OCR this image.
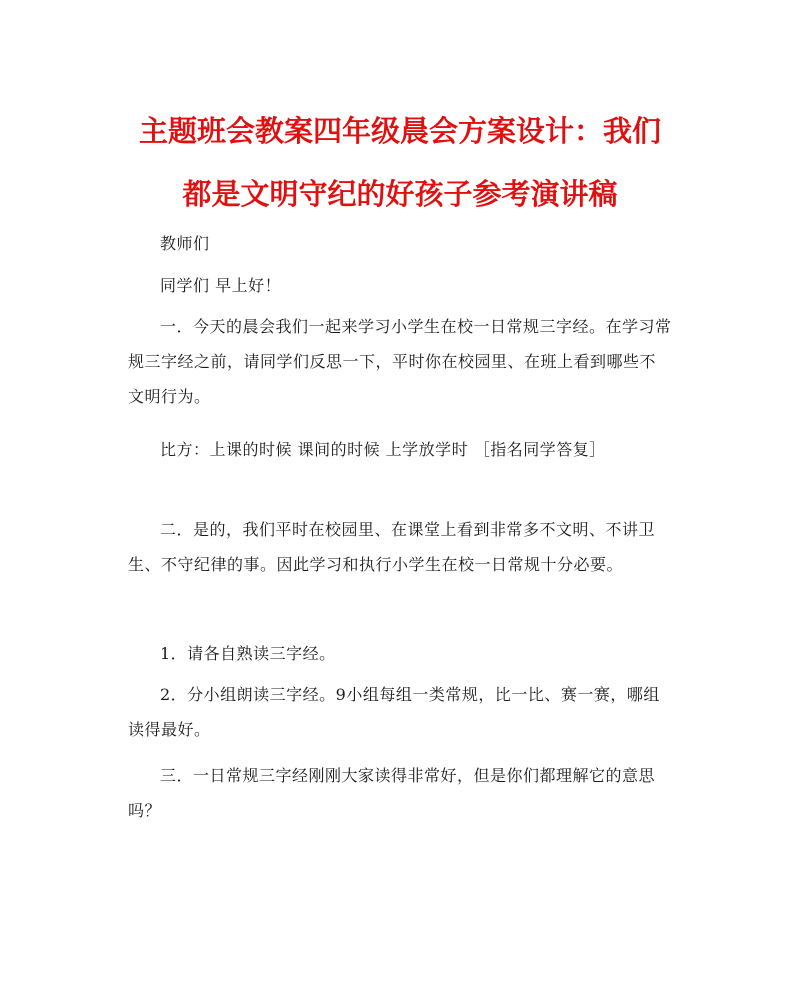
主题班会教案四年级晨会方案设计：我们
都是文明守纪的好孩子参考演讲稿

教师们

同学们 早上好！

一．今天的晨会我们一起来学习小学生在校一日常规三字经。在学习常规三字经之前，请同学们反思一下，平时你在校园里、在班上看到哪些不文明行为。

比方：上课的时候 课间的时候 上学放学时 ［指名同学答复］

二．是的，我们平时在校园里、在课堂上看到非常多不文明、不讲卫生、不守纪律的事。因此学习和执行小学生在校一日常规十分必要。

1．请各自熟读三字经。

2．分小组朗读三字经。9小组每组一类常规，比一比、赛一赛，哪组读得最好。

三．一日常规三字经刚刚大家读得非常好，但是你们都理解它的意思吗？
